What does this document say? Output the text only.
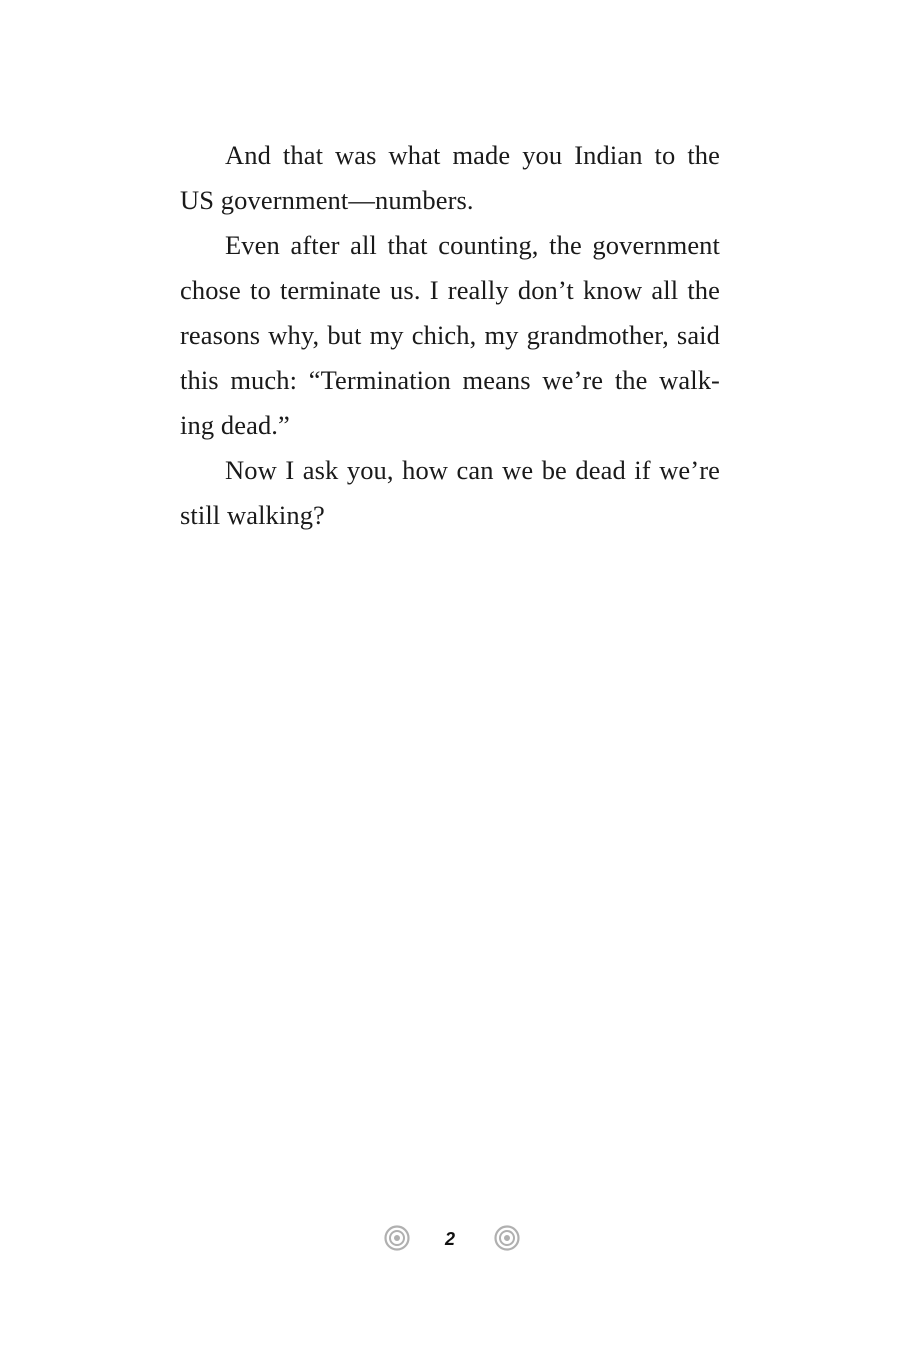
And that was what made you Indian to the
US government—numbers.

Even after all that counting, the government
chose to terminate us. I really don’t know all the
reasons why, but my chich, my grandmother, said
this much: “Termination means we’re the walk-
ing dead.”

Now I ask you, how can we be dead if we’re
still walking?

2
